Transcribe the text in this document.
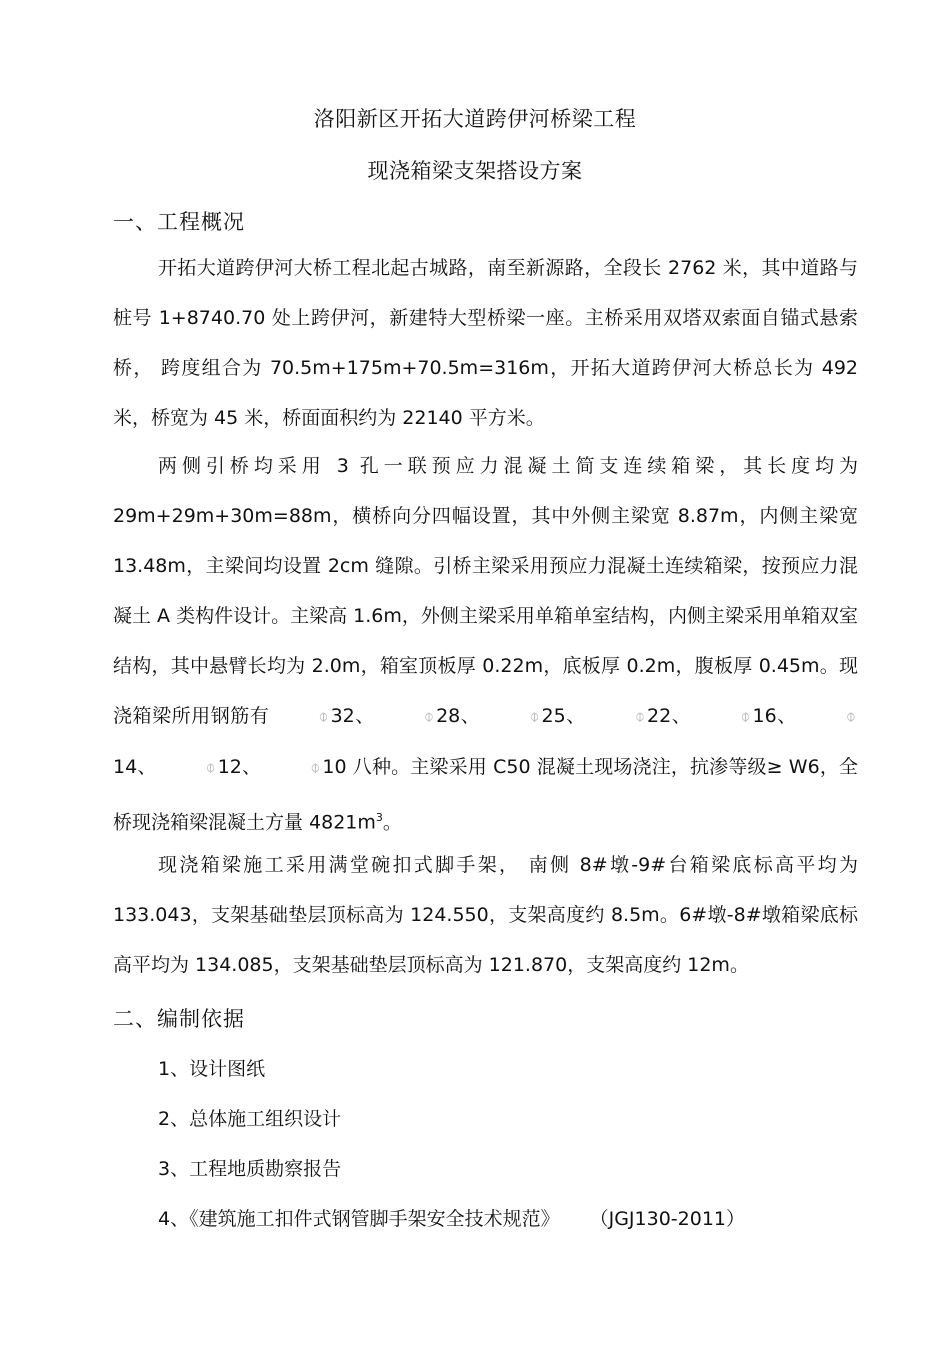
洛阳新区开拓大道跨伊河桥梁工程
现浇箱梁支架搭设方案
一、工程概况

开拓大道跨伊河大桥工程北起古城路，南至新源路，全段长 2762 米，其中道路与桩号 1+8740.70 处上跨伊河，新建特大型桥梁一座。主桥采用双塔双索面自锚式悬索桥， 跨度组合为 70.5m+175m+70.5m=316m，开拓大道跨伊河大桥总长为 492 米，桥宽为 45 米，桥面面积约为 22140 平方米。

两侧引桥均采用 3 孔一联预应力混凝土简支连续箱梁，其长度均为 29m+29m+30m=88m，横桥向分四幅设置，其中外侧主梁宽 8.87m，内侧主梁宽 13.48m，主梁间均设置 2cm 缝隙。引桥主梁采用预应力混凝土连续箱梁，按预应力混凝土 A 类构件设计。主梁高 1.6m，外侧主梁采用单箱单室结构，内侧主梁采用单箱双室结构，其中悬臂长均为 2.0m，箱室顶板厚 0.22m，底板厚 0.2m，腹板厚 0.45m。现浇箱梁所用钢筋有	⌽ 32、	⌽ 28、	⌽ 25、	⌽ 22、	⌽ 16、	⌽14、	⌽ 12、	⌽ 10 八种。主梁采用 C50 混凝土现场浇注，抗渗等级≥ W6，全桥现浇箱梁混凝土方量 $4821m^3$。

现浇箱梁施工采用满堂碗扣式脚手架， 南侧 8#墩-9#台箱梁底标高平均为 133.043，支架基础垫层顶标高为 124.550，支架高度约 8.5m。6#墩-8#墩箱梁底标高平均为 134.085，支架基础垫层顶标高为 121.870，支架高度约 12m。

二、编制依据
1、设计图纸
2、总体施工组织设计
3、工程地质勘察报告
4、《建筑施工扣件式钢管脚手架安全技术规范》 （JGJ130-2011）
